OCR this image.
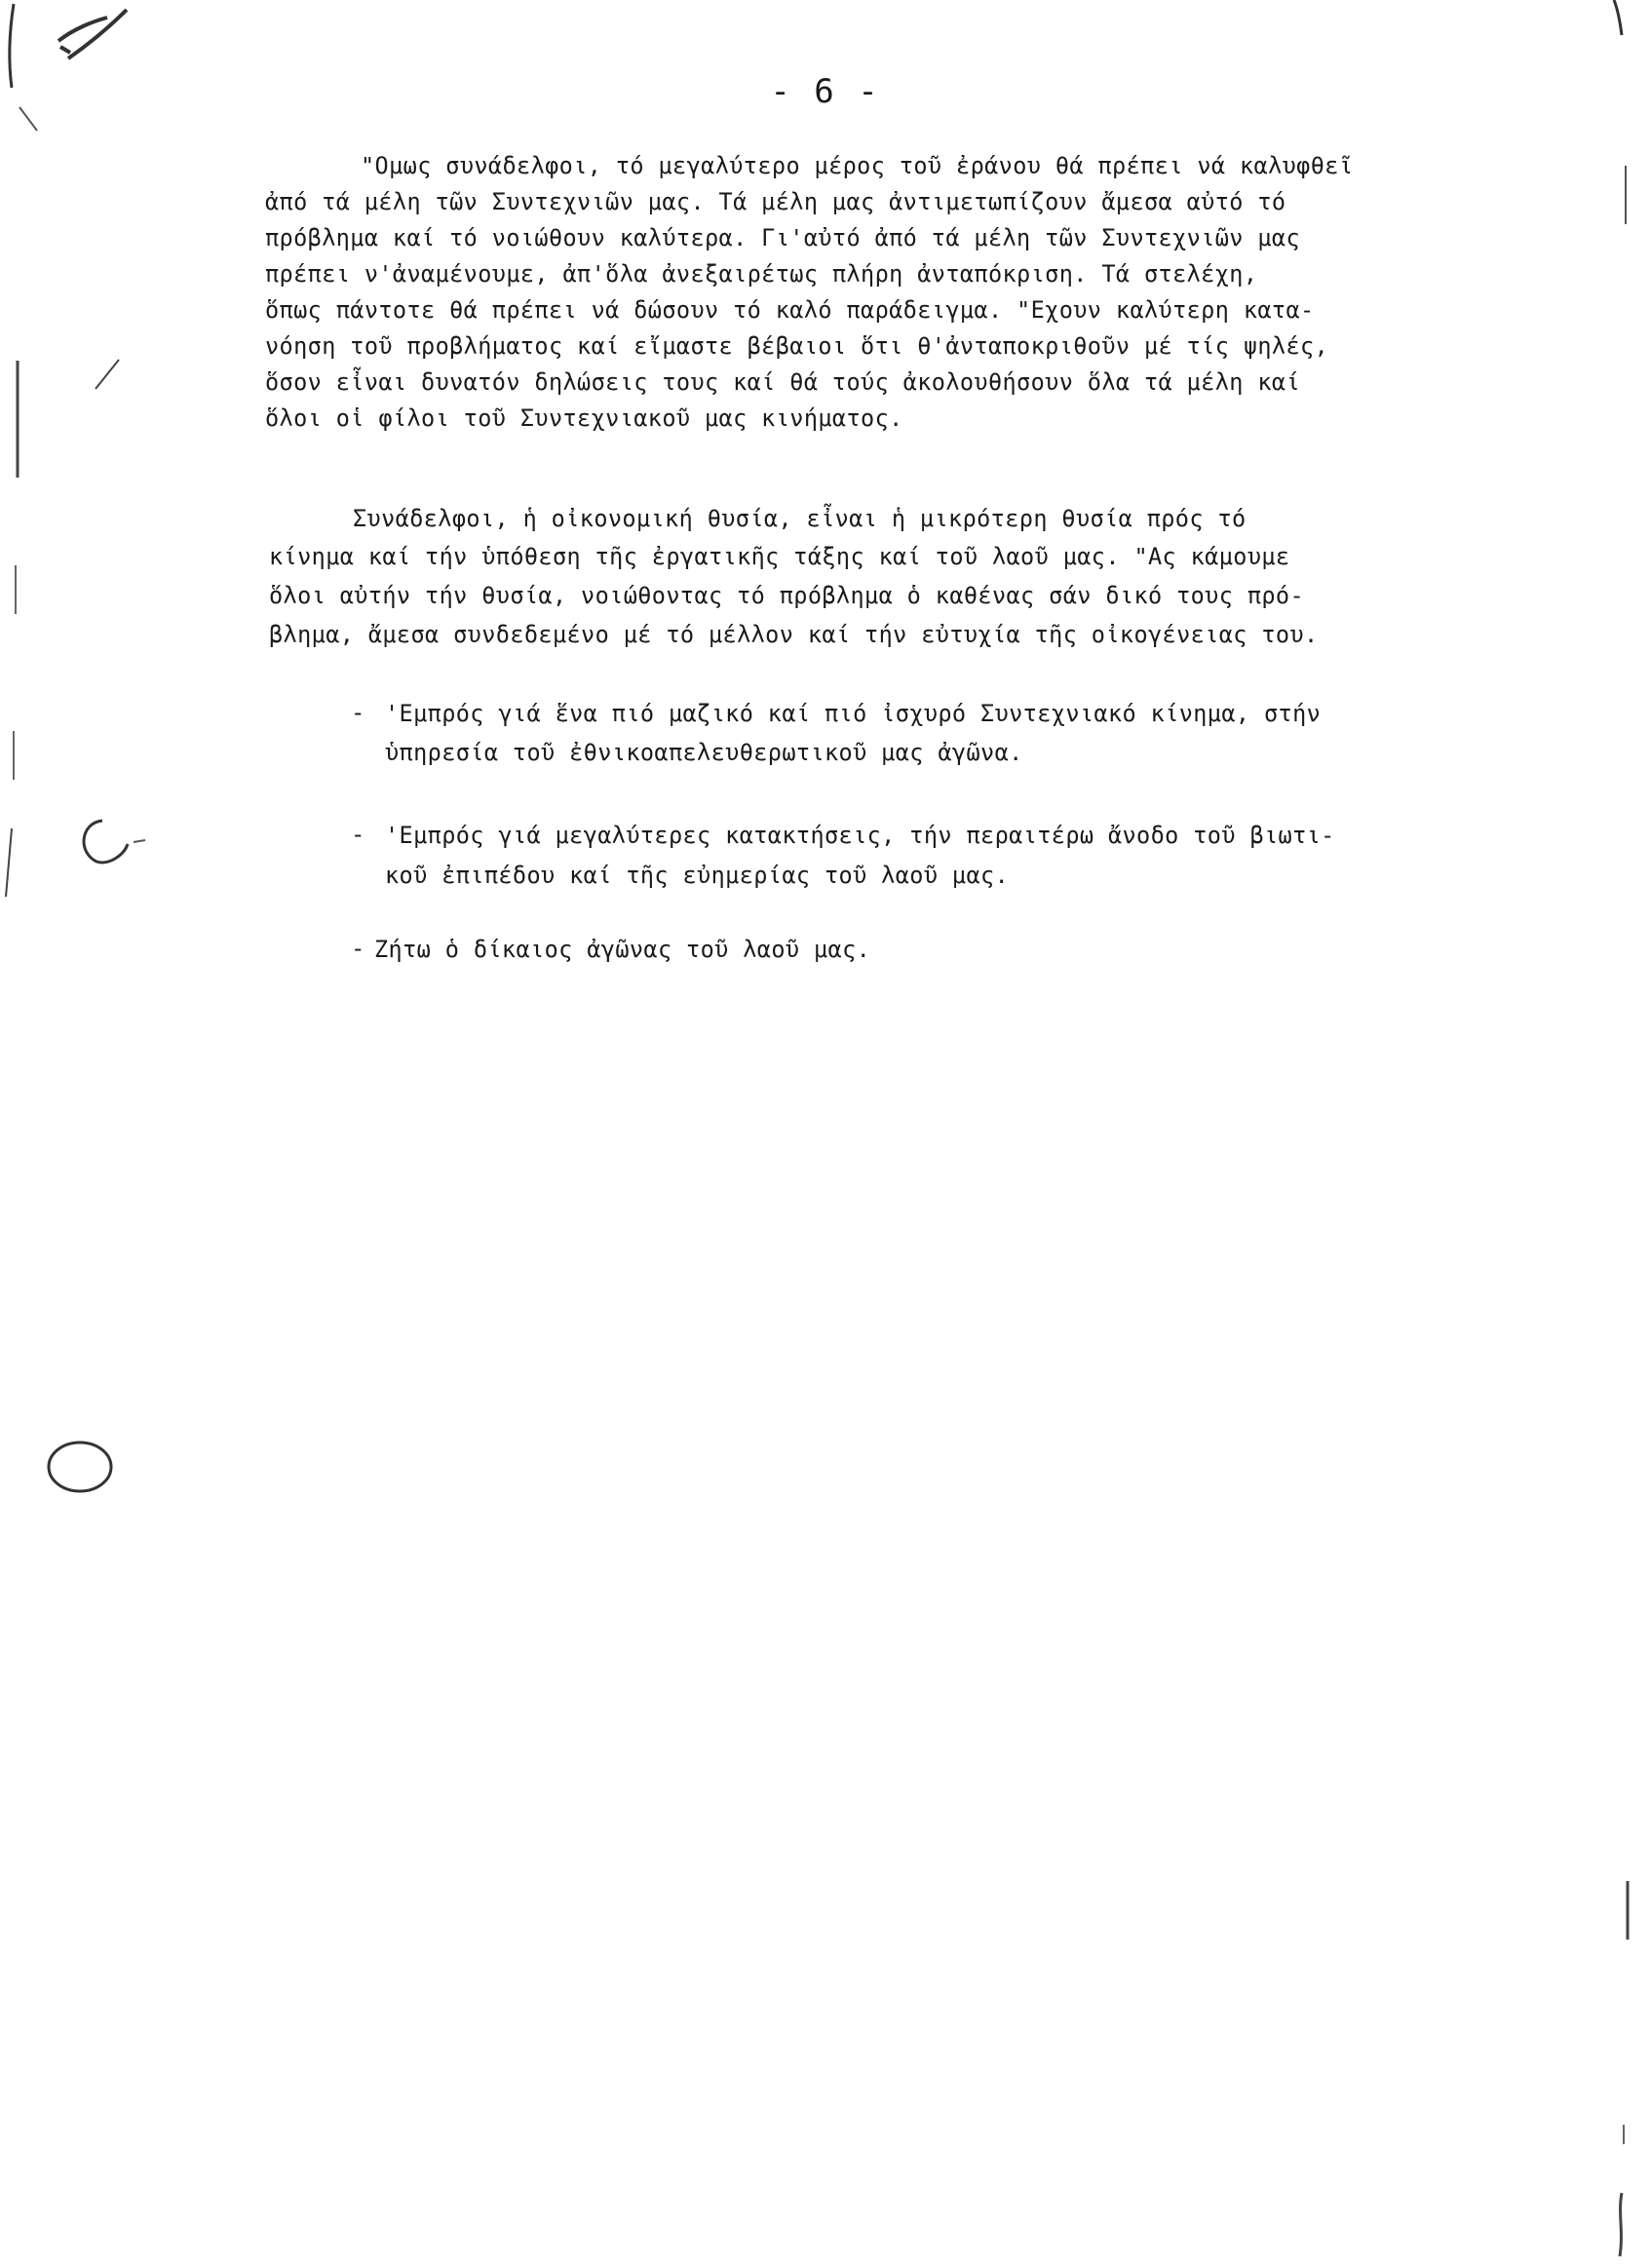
- 6 -
"Ομως συνάδελφοι, τό μεγαλύτερο μέρος τοῦ ἐράνου θά πρέπει νά καλυφθεῖ
ἀπό τά μέλη τῶν Συντεχνιῶν μας. Τά μέλη μας ἀντιμετωπίζουν ἄμεσα αὐτό τό
πρόβλημα καί τό νοιώθουν καλύτερα. Γι'αὐτό ἀπό τά μέλη τῶν Συντεχνιῶν μας
πρέπει ν'ἀναμένουμε, ἀπ'ὅλα ἀνεξαιρέτως πλήρη ἀνταπόκριση. Τά στελέχη,
ὅπως πάντοτε θά πρέπει νά δώσουν τό καλό παράδειγμα. "Εχουν καλύτερη κατα-
νόηση τοῦ προβλήματος καί εἴμαστε βέβαιοι ὅτι θ'ἀνταποκριθοῦν μέ τίς ψηλές,
ὅσον εἶναι δυνατόν δηλώσεις τους καί θά τούς ἀκολουθήσουν ὅλα τά μέλη καί
ὅλοι οἱ φίλοι τοῦ Συντεχνιακοῦ μας κινήματος.
Συνάδελφοι, ἡ οἰκονομική θυσία, εἶναι ἡ μικρότερη θυσία πρός τό
κίνημα καί τήν ὑπόθεση τῆς ἐργατικῆς τάξης καί τοῦ λαοῦ μας. "Ας κάμουμε
ὅλοι αὐτήν τήν θυσία, νοιώθοντας τό πρόβλημα ὁ καθένας σάν δικό τους πρό-
βλημα, ἄμεσα συνδεδεμένο μέ τό μέλλον καί τήν εὐτυχία τῆς οἰκογένειας του.
- 'Εμπρός γιά ἕνα πιό μαζικό καί πιό ἰσχυρό Συντεχνιακό κίνημα, στήν
ὑπηρεσία τοῦ ἐθνικοαπελευθερωτικοῦ μας ἀγῶνα.
- 'Εμπρός γιά μεγαλύτερες κατακτήσεις, τήν περαιτέρω ἄνοδο τοῦ βιωτι-
κοῦ ἐπιπέδου καί τῆς εὐημερίας τοῦ λαοῦ μας.
- Ζήτω ὁ δίκαιος ἀγῶνας τοῦ λαοῦ μας.
